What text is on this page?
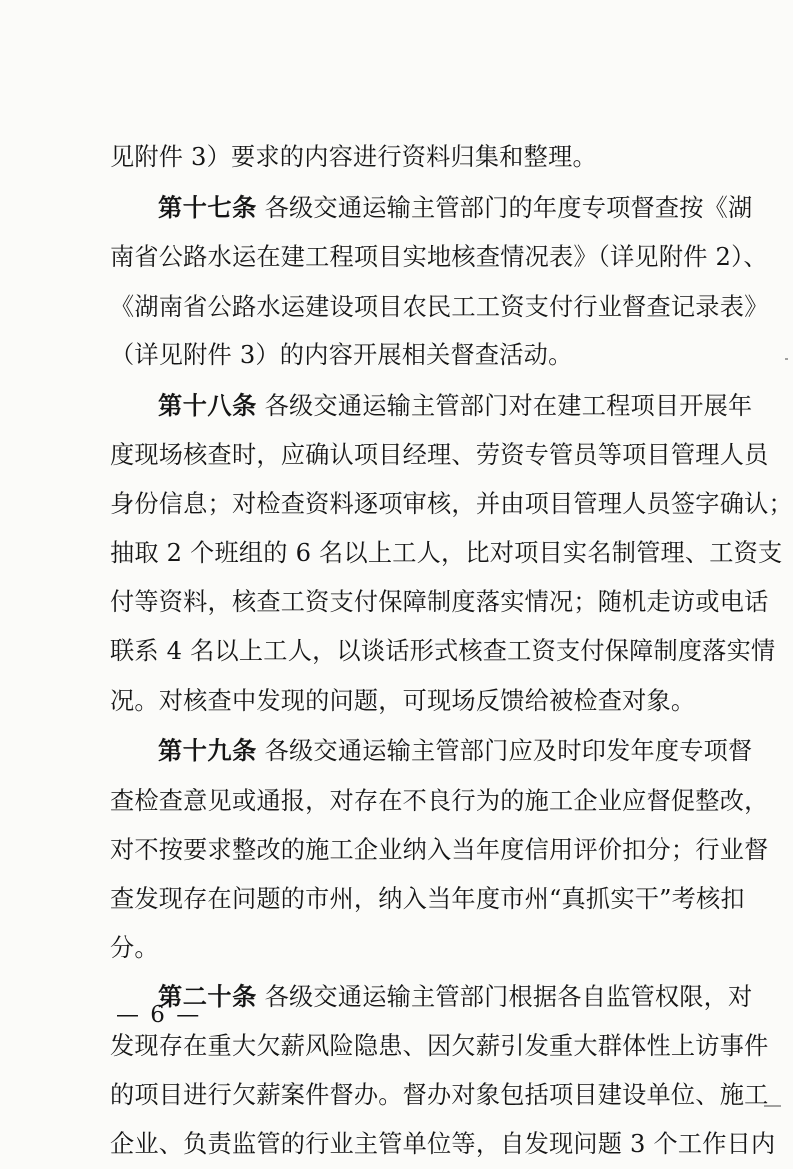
见附件 3）要求的内容进行资料归集和整理。
第十七条 各级交通运输主管部门的年度专项督查按《湖
南省公路水运在建工程项目实地核查情况表》（详见附件 2）、
《湖南省公路水运建设项目农民工工资支付行业督查记录表》
（详见附件 3）的内容开展相关督查活动。
第十八条 各级交通运输主管部门对在建工程项目开展年
度现场核查时，应确认项目经理、劳资专管员等项目管理人员
身份信息；对检查资料逐项审核，并由项目管理人员签字确认；
抽取 2 个班组的 6 名以上工人，比对项目实名制管理、工资支
付等资料，核查工资支付保障制度落实情况；随机走访或电话
联系 4 名以上工人，以谈话形式核查工资支付保障制度落实情
况。对核查中发现的问题，可现场反馈给被检查对象。
第十九条 各级交通运输主管部门应及时印发年度专项督
查检查意见或通报，对存在不良行为的施工企业应督促整改，
对不按要求整改的施工企业纳入当年度信用评价扣分；行业督
查发现存在问题的市州，纳入当年度市州“真抓实干”考核扣
分。
第二十条 各级交通运输主管部门根据各自监管权限，对
发现存在重大欠薪风险隐患、因欠薪引发重大群体性上访事件
的项目进行欠薪案件督办。督办对象包括项目建设单位、施工
企业、负责监管的行业主管单位等，自发现问题 3 个工作日内
— 6 —
